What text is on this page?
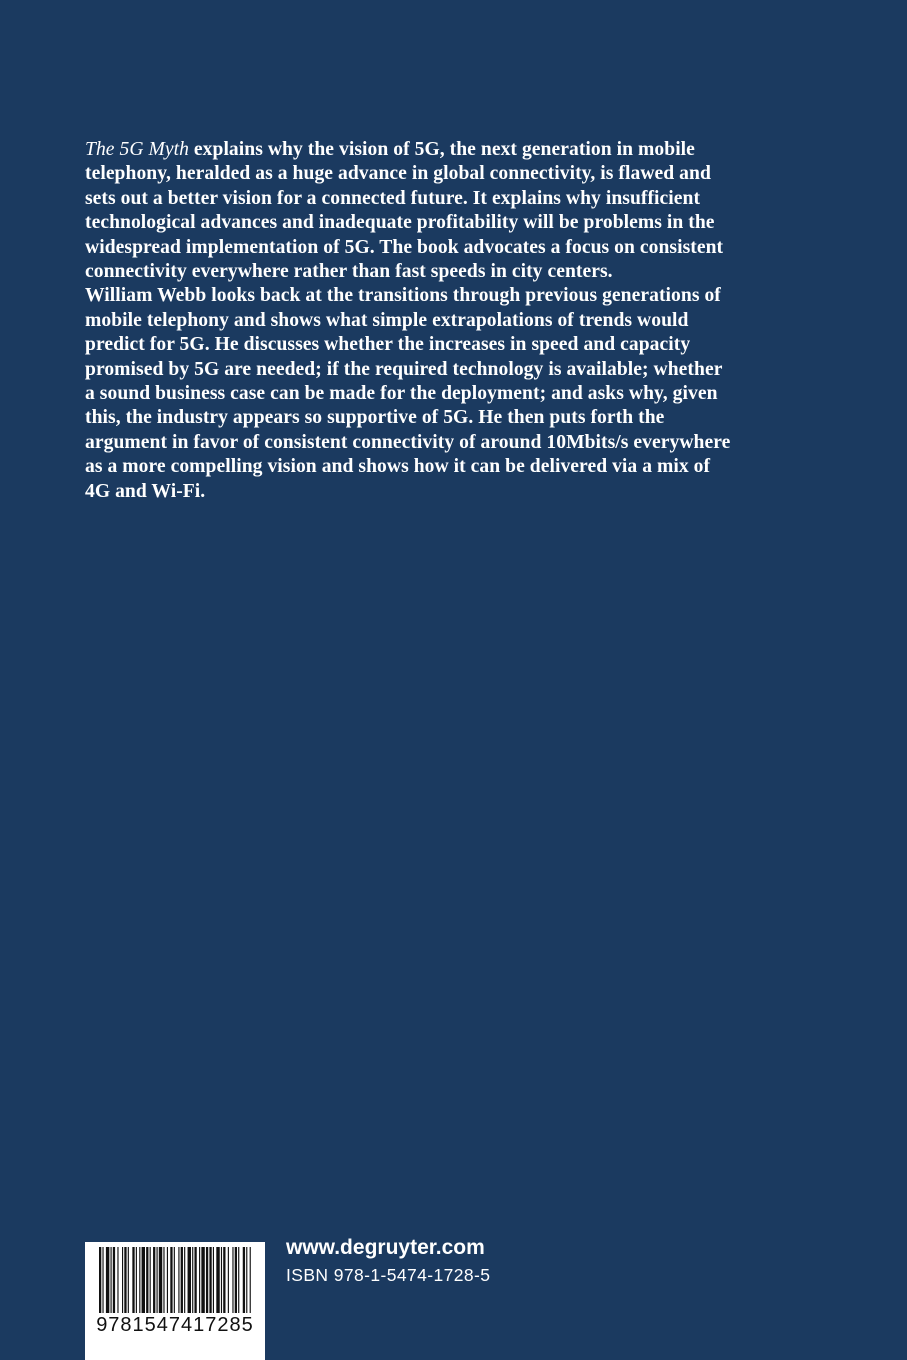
The 5G Myth explains why the vision of 5G, the next generation in mobile telephony, heralded as a huge advance in global connectivity, is flawed and sets out a better vision for a connected future. It explains why insufficient technological advances and inadequate profitability will be problems in the widespread implementation of 5G. The book advocates a focus on consistent connectivity everywhere rather than fast speeds in city centers.

William Webb looks back at the transitions through previous generations of mobile telephony and shows what simple extrapolations of trends would predict for 5G. He discusses whether the increases in speed and capacity promised by 5G are needed; if the required technology is available; whether a sound business case can be made for the deployment; and asks why, given this, the industry appears so supportive of 5G. He then puts forth the argument in favor of consistent connectivity of around 10Mbits/s everywhere as a more compelling vision and shows how it can be delivered via a mix of 4G and Wi-Fi.

9781547417285
www.degruyter.com
ISBN 978-1-5474-1728-5
